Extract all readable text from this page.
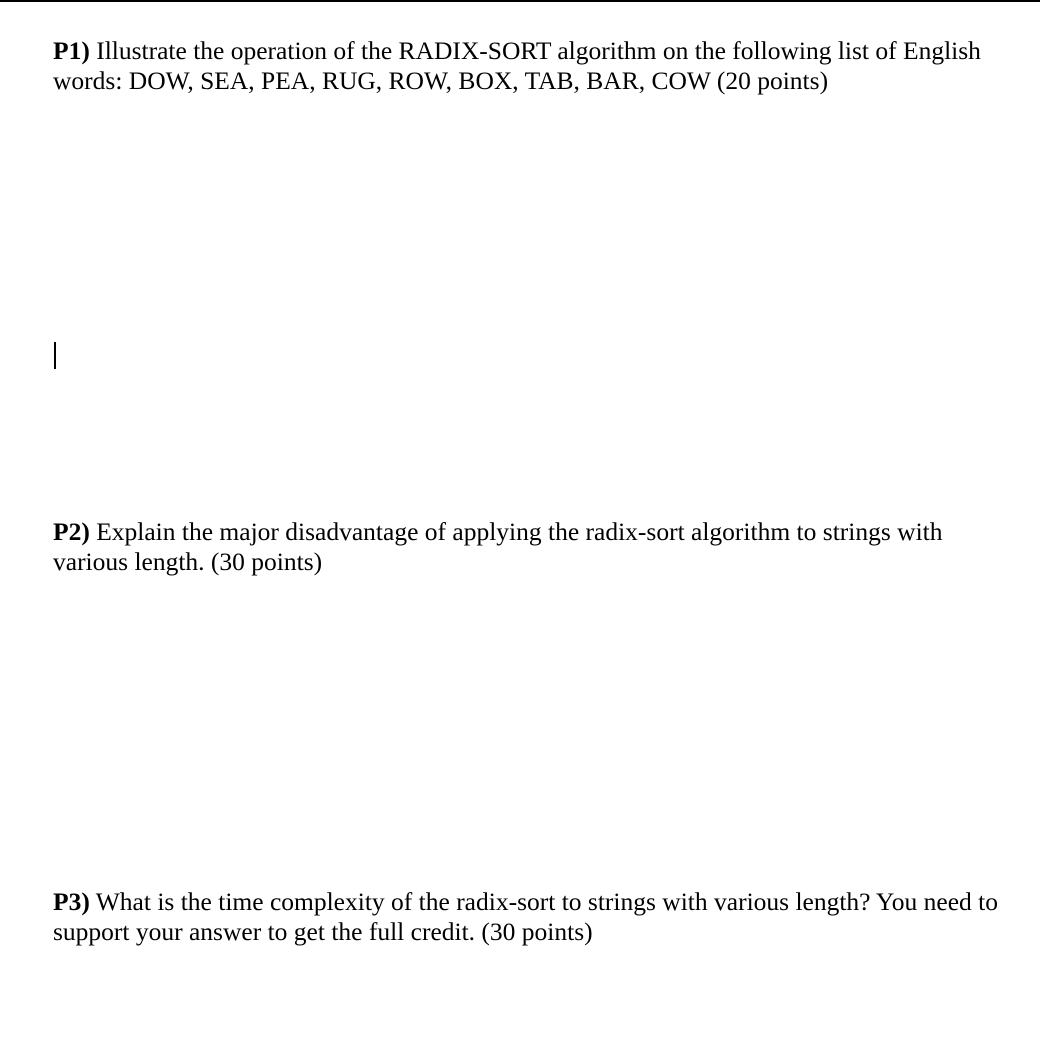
P1) Illustrate the operation of the RADIX-SORT algorithm on the following list of English words: DOW, SEA, PEA, RUG, ROW, BOX, TAB, BAR, COW (20 points)

P2) Explain the major disadvantage of applying the radix-sort algorithm to strings with various length. (30 points)

P3) What is the time complexity of the radix-sort to strings with various length? You need to support your answer to get the full credit. (30 points)
